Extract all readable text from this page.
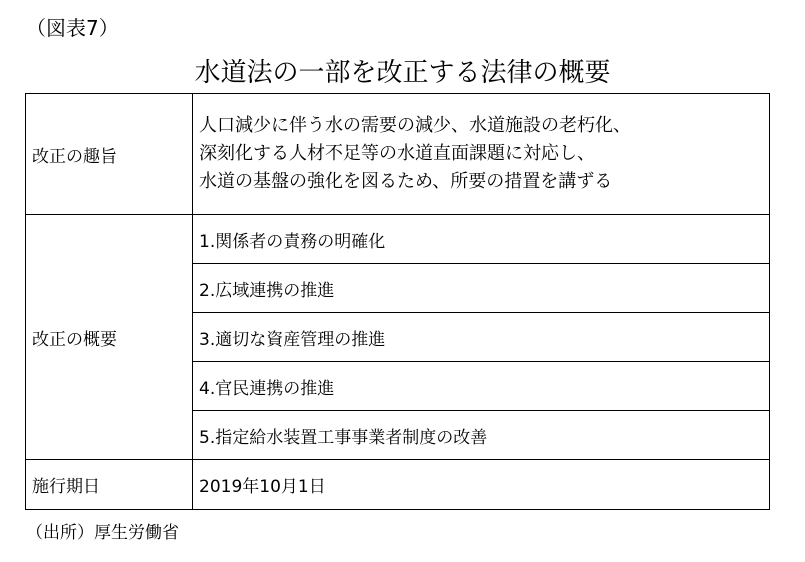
（図表7）
水道法の一部を改正する法律の概要
改正の趣旨	人口減少に伴う水の需要の減少、水道施設の老朽化、
深刻化する人材不足等の水道直面課題に対応し、
水道の基盤の強化を図るため、所要の措置を講ずる

改正の概要	1.関係者の責務の明確化
	2.広域連携の推進
	3.適切な資産管理の推進
	4.官民連携の推進
	5.指定給水装置工事事業者制度の改善
施行期日	2019年10月1日
（出所）厚生労働省
